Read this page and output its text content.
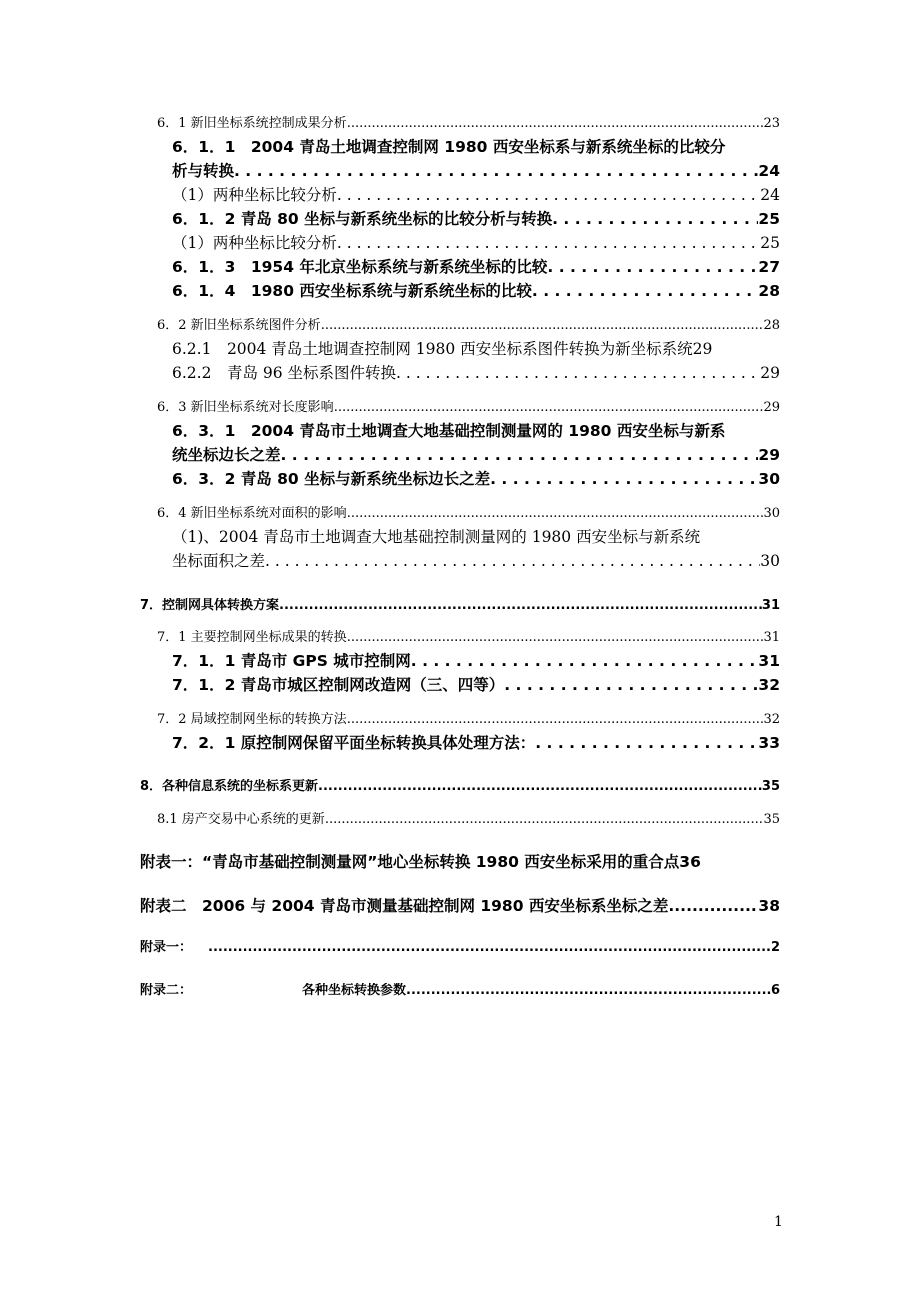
6．1 新旧坐标系统控制成果分析 .....	23
6．1．1　2004 青岛土地调查控制网 1980 西安坐标系与新系统坐标的比较分
析与转换 . . .	24
（1）两种坐标比较分析 . . .	24
6．1．2 青岛 80 坐标与新系统坐标的比较分析与转换 . . .	25
（1）两种坐标比较分析 . . .	25
6．1．3　1954 年北京坐标系统与新系统坐标的比较 . . .	27
6．1．4　1980 西安坐标系统与新系统坐标的比较 . . .	28
6．2 新旧坐标系统图件分析 .....	28
6.2.1　2004 青岛土地调查控制网 1980 西安坐标系图件转换为新坐标系统29
6.2.2　青岛 96 坐标系图件转换 . . .	29
6．3 新旧坐标系统对长度影响 .....	29
6．3．1　2004 青岛市土地调查大地基础控制测量网的 1980 西安坐标与新系
统坐标边长之差 . . .	29
6．3．2 青岛 80 坐标与新系统坐标边长之差 . . .	30
6．4 新旧坐标系统对面积的影响 .....	30
（1)、2004 青岛市土地调查大地基础控制测量网的 1980 西安坐标与新系统
坐标面积之差 . . .	30
7．控制网具体转换方案 .....	31
7．1 主要控制网坐标成果的转换 .....	31
7．1．1 青岛市 GPS 城市控制网 . . .	31
7．1．2 青岛市城区控制网改造网（三、四等） . . .	32
7．2 局域控制网坐标的转换方法 .....	32
7．2．1 原控制网保留平面坐标转换具体处理方法： . . .	33
8．各种信息系统的坐标系更新 .....	35
8.1 房产交易中心系统的更新 .....	35
附表一：“青岛市基础控制测量网”地心坐标转换 1980 西安坐标采用的重合点36
附表二　2006 与 2004 青岛市测量基础控制网 1980 西安坐标系坐标之差 .....	38
附录一： .....	2
附录二：	各种坐标转换参数 .....	6
1
